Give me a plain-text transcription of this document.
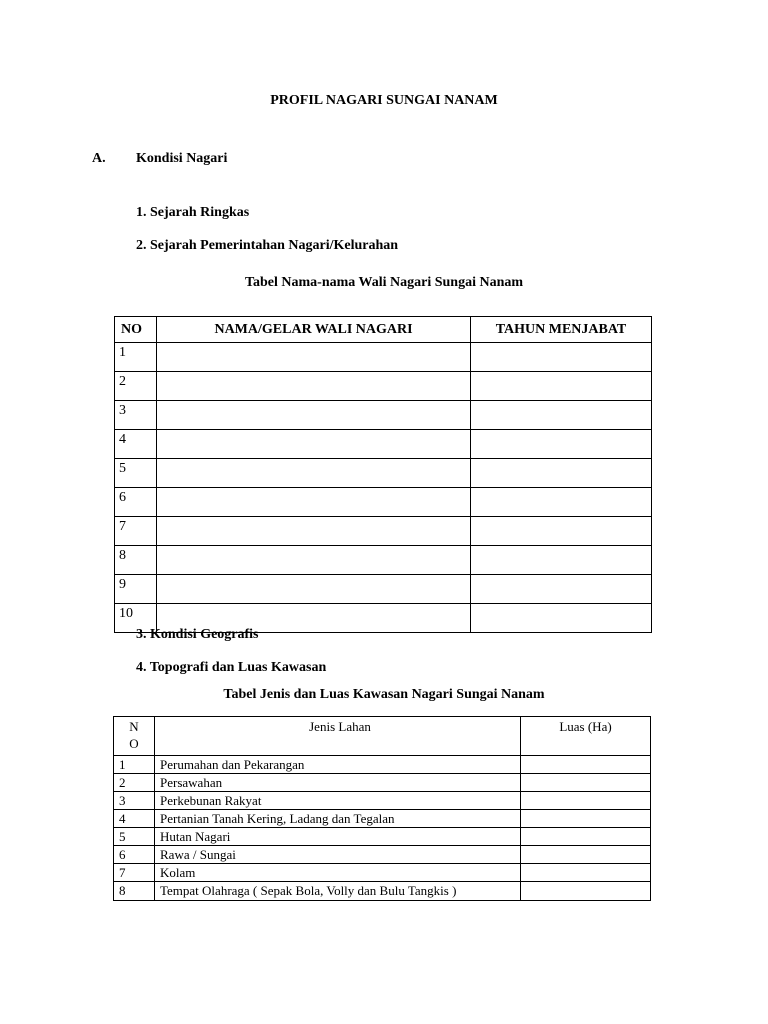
PROFIL NAGARI SUNGAI NANAM
A. Kondisi Nagari
1. Sejarah Ringkas
2. Sejarah Pemerintahan Nagari/Kelurahan
Tabel Nama-nama Wali Nagari Sungai Nanam
NO	NAMA/GELAR WALI NAGARI	TAHUN MENJABAT
1		
2		
3		
4		
5		
6		
7		
8		
9		
10		
3. Kondisi Geografis
4. Topografi dan Luas Kawasan
Tabel Jenis dan Luas Kawasan Nagari Sungai Nanam
N
O	Jenis Lahan	Luas (Ha)
1	Perumahan dan Pekarangan	
2	Persawahan	
3	Perkebunan Rakyat	
4	Pertanian Tanah Kering, Ladang dan Tegalan	
5	Hutan Nagari	
6	Rawa / Sungai	
7	Kolam	
8	Tempat Olahraga ( Sepak Bola, Volly dan Bulu Tangkis )	
